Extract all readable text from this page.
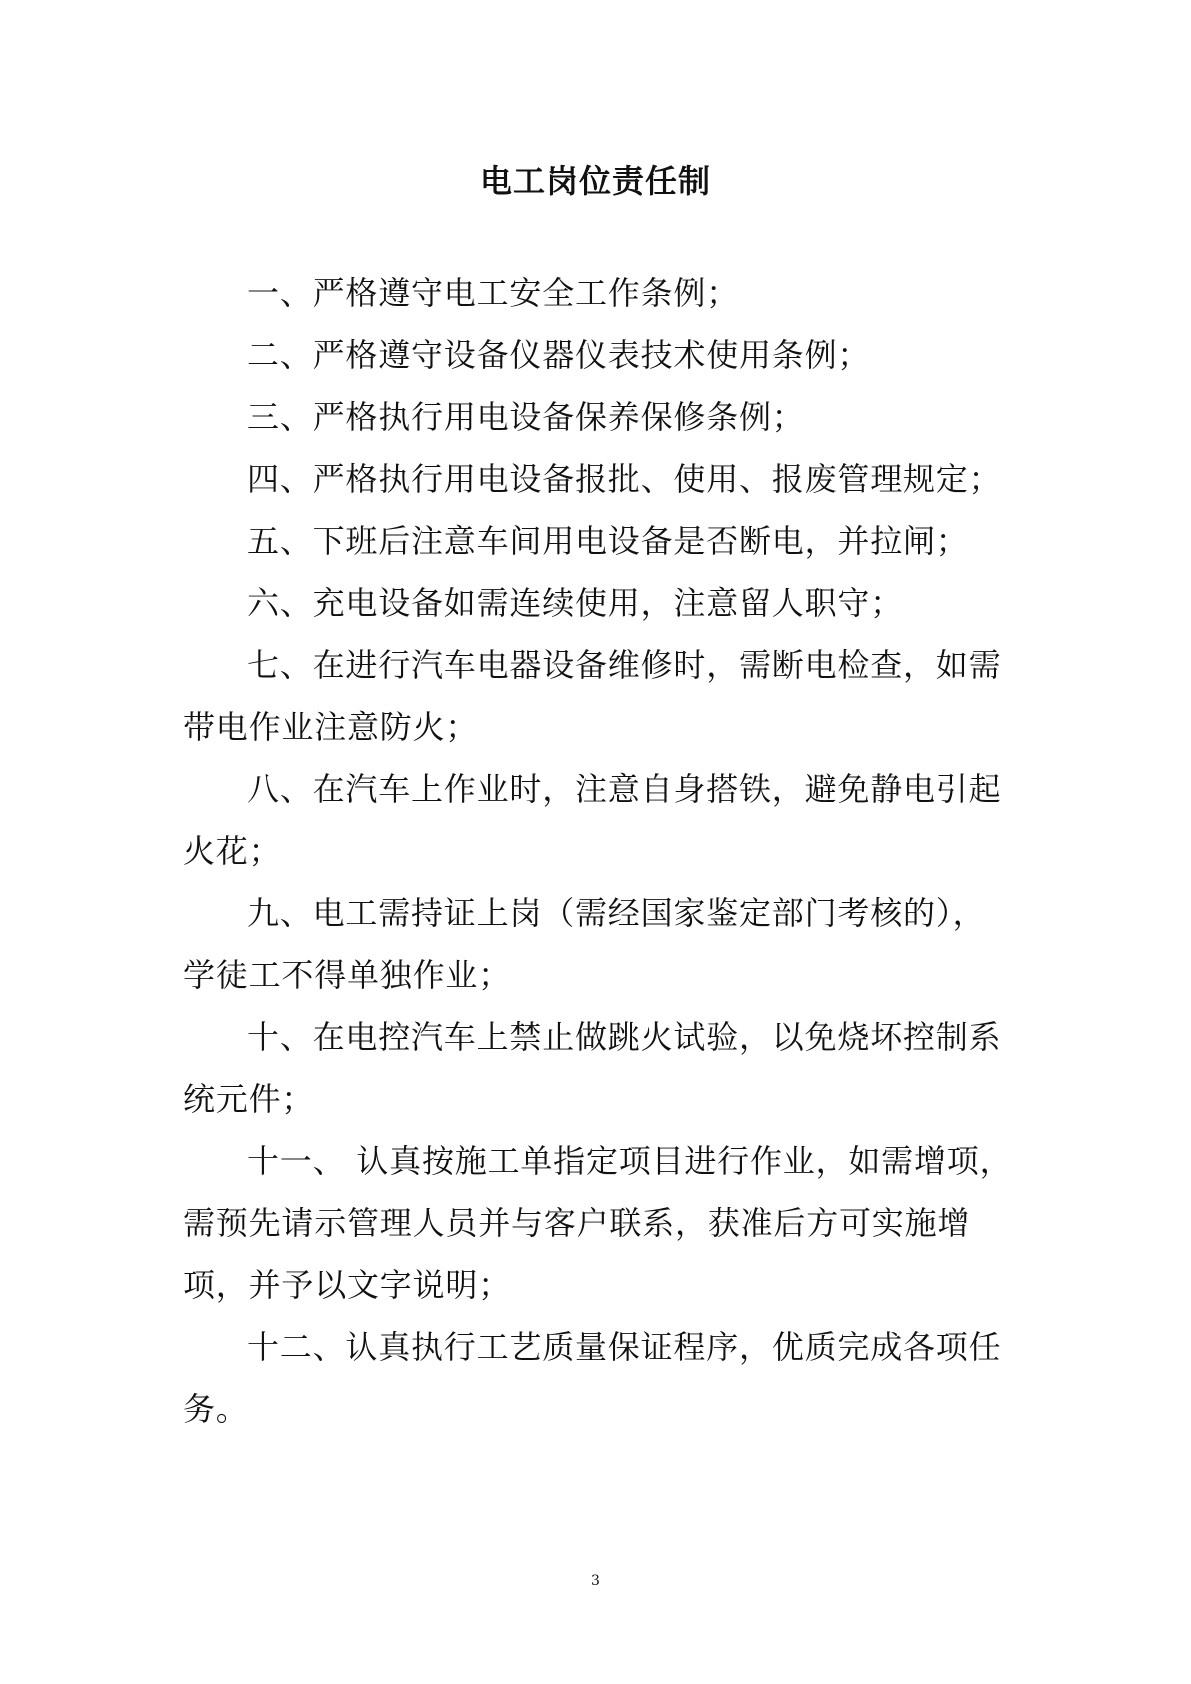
电工岗位责任制
一、严格遵守电工安全工作条例；
二、严格遵守设备仪器仪表技术使用条例；
三、严格执行用电设备保养保修条例；
四、严格执行用电设备报批、使用、报废管理规定；
五、下班后注意车间用电设备是否断电，并拉闸；
六、充电设备如需连续使用，注意留人职守；
七、在进行汽车电器设备维修时，需断电检查，如需带电作业注意防火；
八、在汽车上作业时，注意自身搭铁，避免静电引起火花；
九、电工需持证上岗（需经国家鉴定部门考核的），学徒工不得单独作业；
十、在电控汽车上禁止做跳火试验，以免烧坏控制系统元件；
十一、 认真按施工单指定项目进行作业，如需增项，需预先请示管理人员并与客户联系，获准后方可实施增项，并予以文字说明；
十二、认真执行工艺质量保证程序，优质完成各项任务。
3
